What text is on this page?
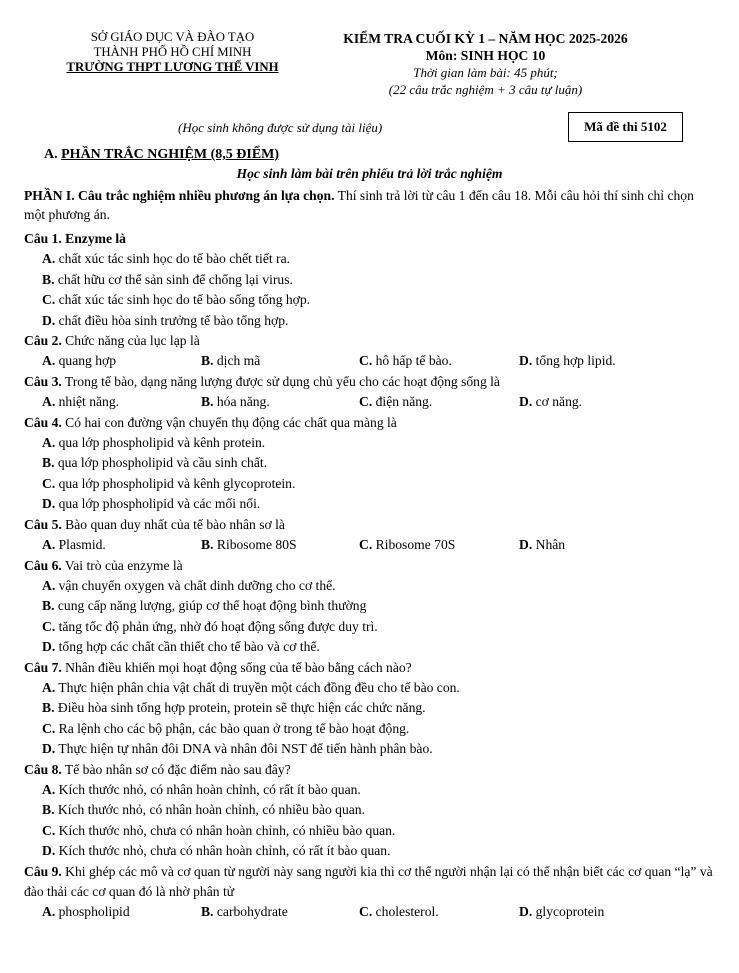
SỞ GIÁO DỤC VÀ ĐÀO TẠO
THÀNH PHỐ HỒ CHÍ MINH
TRƯỜNG THPT LƯƠNG THẾ VINH
KIỂM TRA CUỐI KỲ 1 – NĂM HỌC 2025-2026
Môn: SINH HỌC 10
Thời gian làm bài: 45 phút;
(22 câu trắc nghiệm + 3 câu tự luận)
(Học sinh không được sử dụng tài liệu)	Mã đề thi 5102
A. PHẦN TRẮC NGHIỆM (8,5 ĐIỂM)
Học sinh làm bài trên phiếu trả lời trắc nghiệm
PHẦN I. Câu trắc nghiệm nhiều phương án lựa chọn. Thí sinh trả lời từ câu 1 đến câu 18. Mỗi câu hỏi thí sinh chỉ chọn một phương án.
Câu 1. Enzyme là
A. chất xúc tác sinh học do tế bào chết tiết ra.
B. chất hữu cơ thể sản sinh để chống lại virus.
C. chất xúc tác sinh học do tế bào sống tổng hợp.
D. chất điều hòa sinh trưởng tế bào tổng hợp.
Câu 2. Chức năng của lục lạp là
A. quang hợp	B. dịch mã	C. hô hấp tế bào.	D. tổng hợp lipid.
Câu 3. Trong tế bào, dạng năng lượng được sử dụng chủ yếu cho các hoạt động sống là
A. nhiệt năng.	B. hóa năng.	C. điện năng.	D. cơ năng.
Câu 4. Có hai con đường vận chuyển thụ động các chất qua màng là
A. qua lớp phospholipid và kênh protein.
B. qua lớp phospholipid và cầu sinh chất.
C. qua lớp phospholipid và kênh glycoprotein.
D. qua lớp phospholipid và các mối nối.
Câu 5. Bào quan duy nhất của tế bào nhân sơ là
A. Plasmid.	B. Ribosome 80S	C. Ribosome 70S	D. Nhân
Câu 6. Vai trò của enzyme là
A. vận chuyển oxygen và chất dinh dưỡng cho cơ thể.
B. cung cấp năng lượng, giúp cơ thể hoạt động bình thường
C. tăng tốc độ phản ứng, nhờ đó hoạt động sống được duy trì.
D. tổng hợp các chất cần thiết cho tế bào và cơ thể.
Câu 7. Nhân điều khiển mọi hoạt động sống của tế bào bằng cách nào?
A. Thực hiện phân chia vật chất di truyền một cách đồng đều cho tế bào con.
B. Điều hòa sinh tổng hợp protein, protein sẽ thực hiện các chức năng.
C. Ra lệnh cho các bộ phận, các bào quan ở trong tế bào hoạt động.
D. Thực hiện tự nhân đôi DNA và nhân đôi NST để tiến hành phân bào.
Câu 8. Tế bào nhân sơ có đặc điểm nào sau đây?
A. Kích thước nhỏ, có nhân hoàn chỉnh, có rất ít bào quan.
B. Kích thước nhỏ, có nhân hoàn chỉnh, có nhiều bào quan.
C. Kích thước nhỏ, chưa có nhân hoàn chỉnh, có nhiều bào quan.
D. Kích thước nhỏ, chưa có nhân hoàn chỉnh, có rất ít bào quan.
Câu 9. Khi ghép các mô và cơ quan từ người này sang người kia thì cơ thể người nhận lại có thể nhận biết các cơ quan “lạ” và đào thải các cơ quan đó là nhờ phân tử
A. phospholipid	B. carbohydrate	C. cholesterol.	D. glycoprotein
